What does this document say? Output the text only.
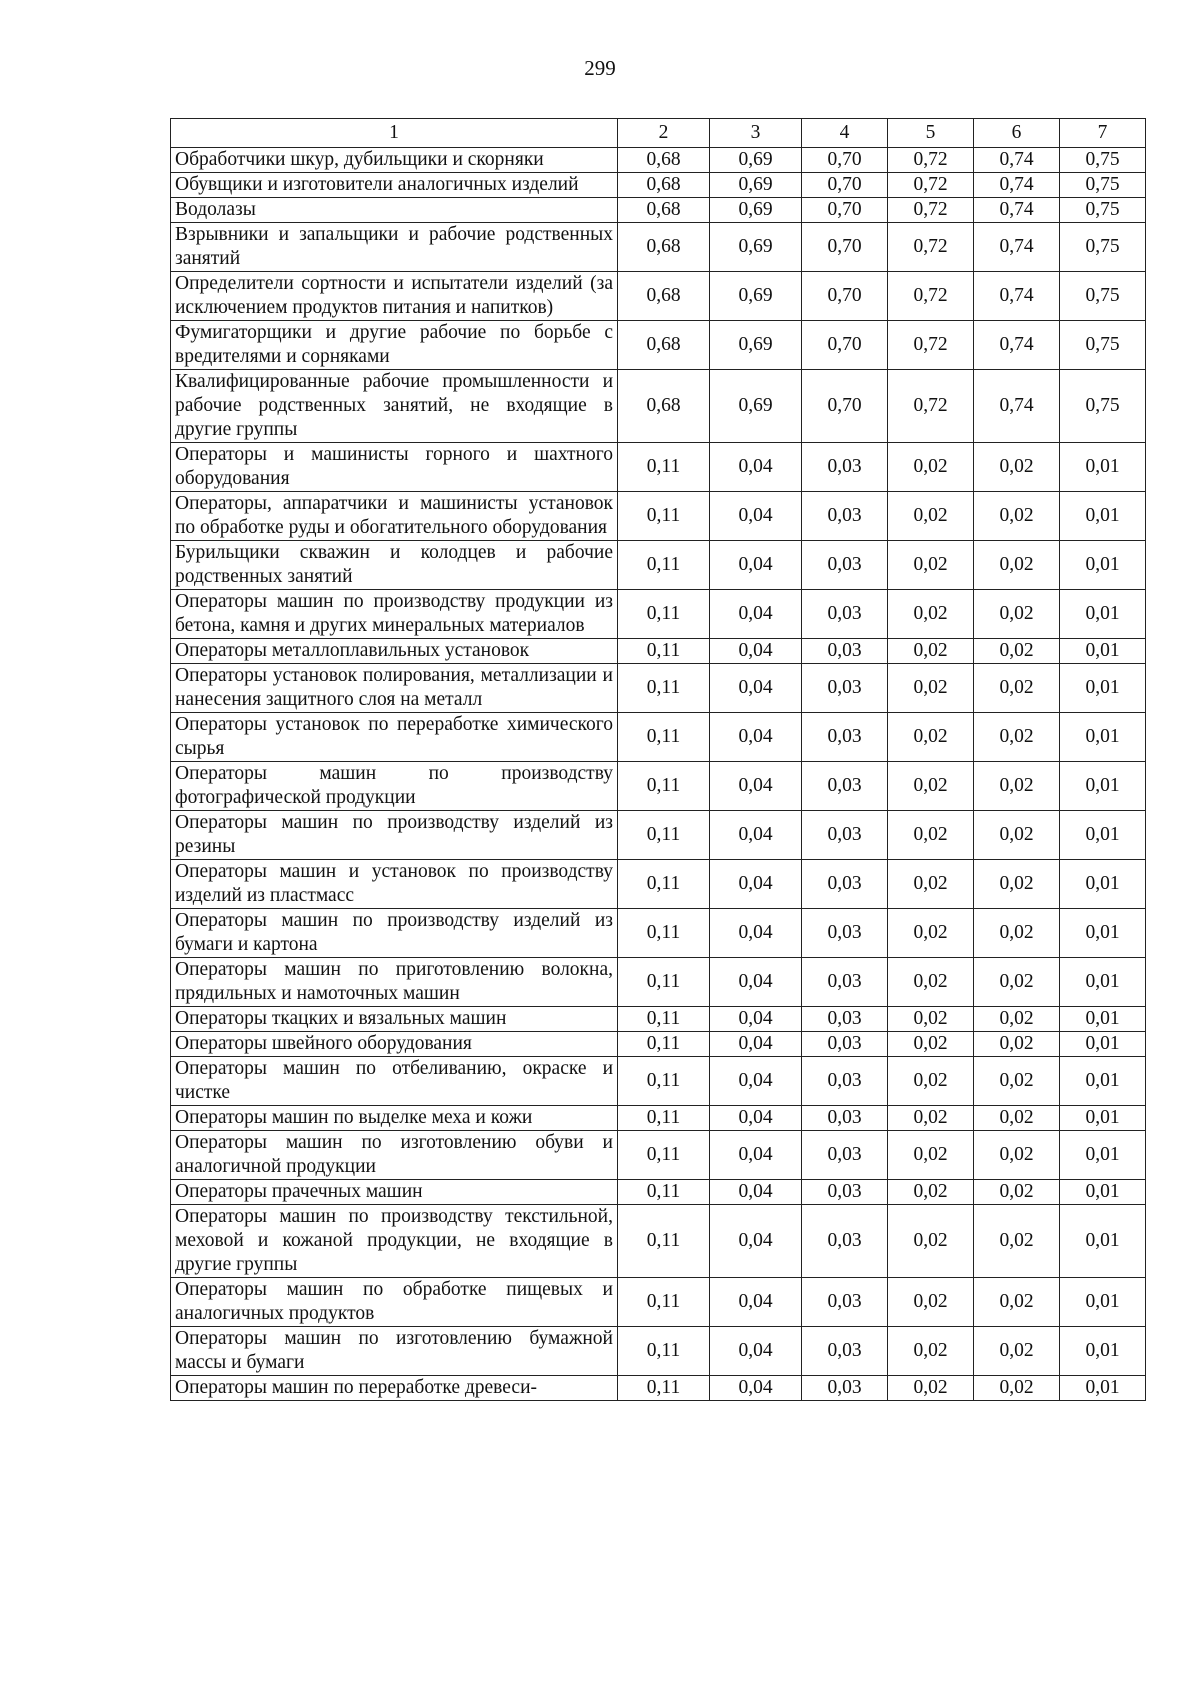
299
1	2	3	4	5	6	7
Обработчики шкур, дубильщики и скорняки	0,68	0,69	0,70	0,72	0,74	0,75
Обувщики и изготовители аналогичных изделий	0,68	0,69	0,70	0,72	0,74	0,75
Водолазы	0,68	0,69	0,70	0,72	0,74	0,75
Взрывники и запальщики и рабочие родственных занятий	0,68	0,69	0,70	0,72	0,74	0,75
Определители сортности и испытатели изделий (за исключением продуктов питания и напитков)	0,68	0,69	0,70	0,72	0,74	0,75
Фумигаторщики и другие рабочие по борьбе с вредителями и сорняками	0,68	0,69	0,70	0,72	0,74	0,75
Квалифицированные рабочие промышленности и рабочие родственных занятий, не входящие в другие группы	0,68	0,69	0,70	0,72	0,74	0,75
Операторы и машинисты горного и шахтного оборудования	0,11	0,04	0,03	0,02	0,02	0,01
Операторы, аппаратчики и машинисты установок по обработке руды и обогатительного оборудования	0,11	0,04	0,03	0,02	0,02	0,01
Бурильщики скважин и колодцев и рабочие родственных занятий	0,11	0,04	0,03	0,02	0,02	0,01
Операторы машин по производству продукции из бетона, камня и других минеральных материалов	0,11	0,04	0,03	0,02	0,02	0,01
Операторы металлоплавильных установок	0,11	0,04	0,03	0,02	0,02	0,01
Операторы установок полирования, металлизации и нанесения защитного слоя на металл	0,11	0,04	0,03	0,02	0,02	0,01
Операторы установок по переработке химического сырья	0,11	0,04	0,03	0,02	0,02	0,01
Операторы машин по производству фотографической продукции	0,11	0,04	0,03	0,02	0,02	0,01
Операторы машин по производству изделий из резины	0,11	0,04	0,03	0,02	0,02	0,01
Операторы машин и установок по производству изделий из пластмасс	0,11	0,04	0,03	0,02	0,02	0,01
Операторы машин по производству изделий из бумаги и картона	0,11	0,04	0,03	0,02	0,02	0,01
Операторы машин по приготовлению волокна, прядильных и намоточных машин	0,11	0,04	0,03	0,02	0,02	0,01
Операторы ткацких и вязальных машин	0,11	0,04	0,03	0,02	0,02	0,01
Операторы швейного оборудования	0,11	0,04	0,03	0,02	0,02	0,01
Операторы машин по отбеливанию, окраске и чистке	0,11	0,04	0,03	0,02	0,02	0,01
Операторы машин по выделке меха и кожи	0,11	0,04	0,03	0,02	0,02	0,01
Операторы машин по изготовлению обуви и аналогичной продукции	0,11	0,04	0,03	0,02	0,02	0,01
Операторы прачечных машин	0,11	0,04	0,03	0,02	0,02	0,01
Операторы машин по производству текстильной, меховой и кожаной продукции, не входящие в другие группы	0,11	0,04	0,03	0,02	0,02	0,01
Операторы машин по обработке пищевых и аналогичных продуктов	0,11	0,04	0,03	0,02	0,02	0,01
Операторы машин по изготовлению бумажной массы и бумаги	0,11	0,04	0,03	0,02	0,02	0,01
Операторы машин по переработке древеси-	0,11	0,04	0,03	0,02	0,02	0,01
